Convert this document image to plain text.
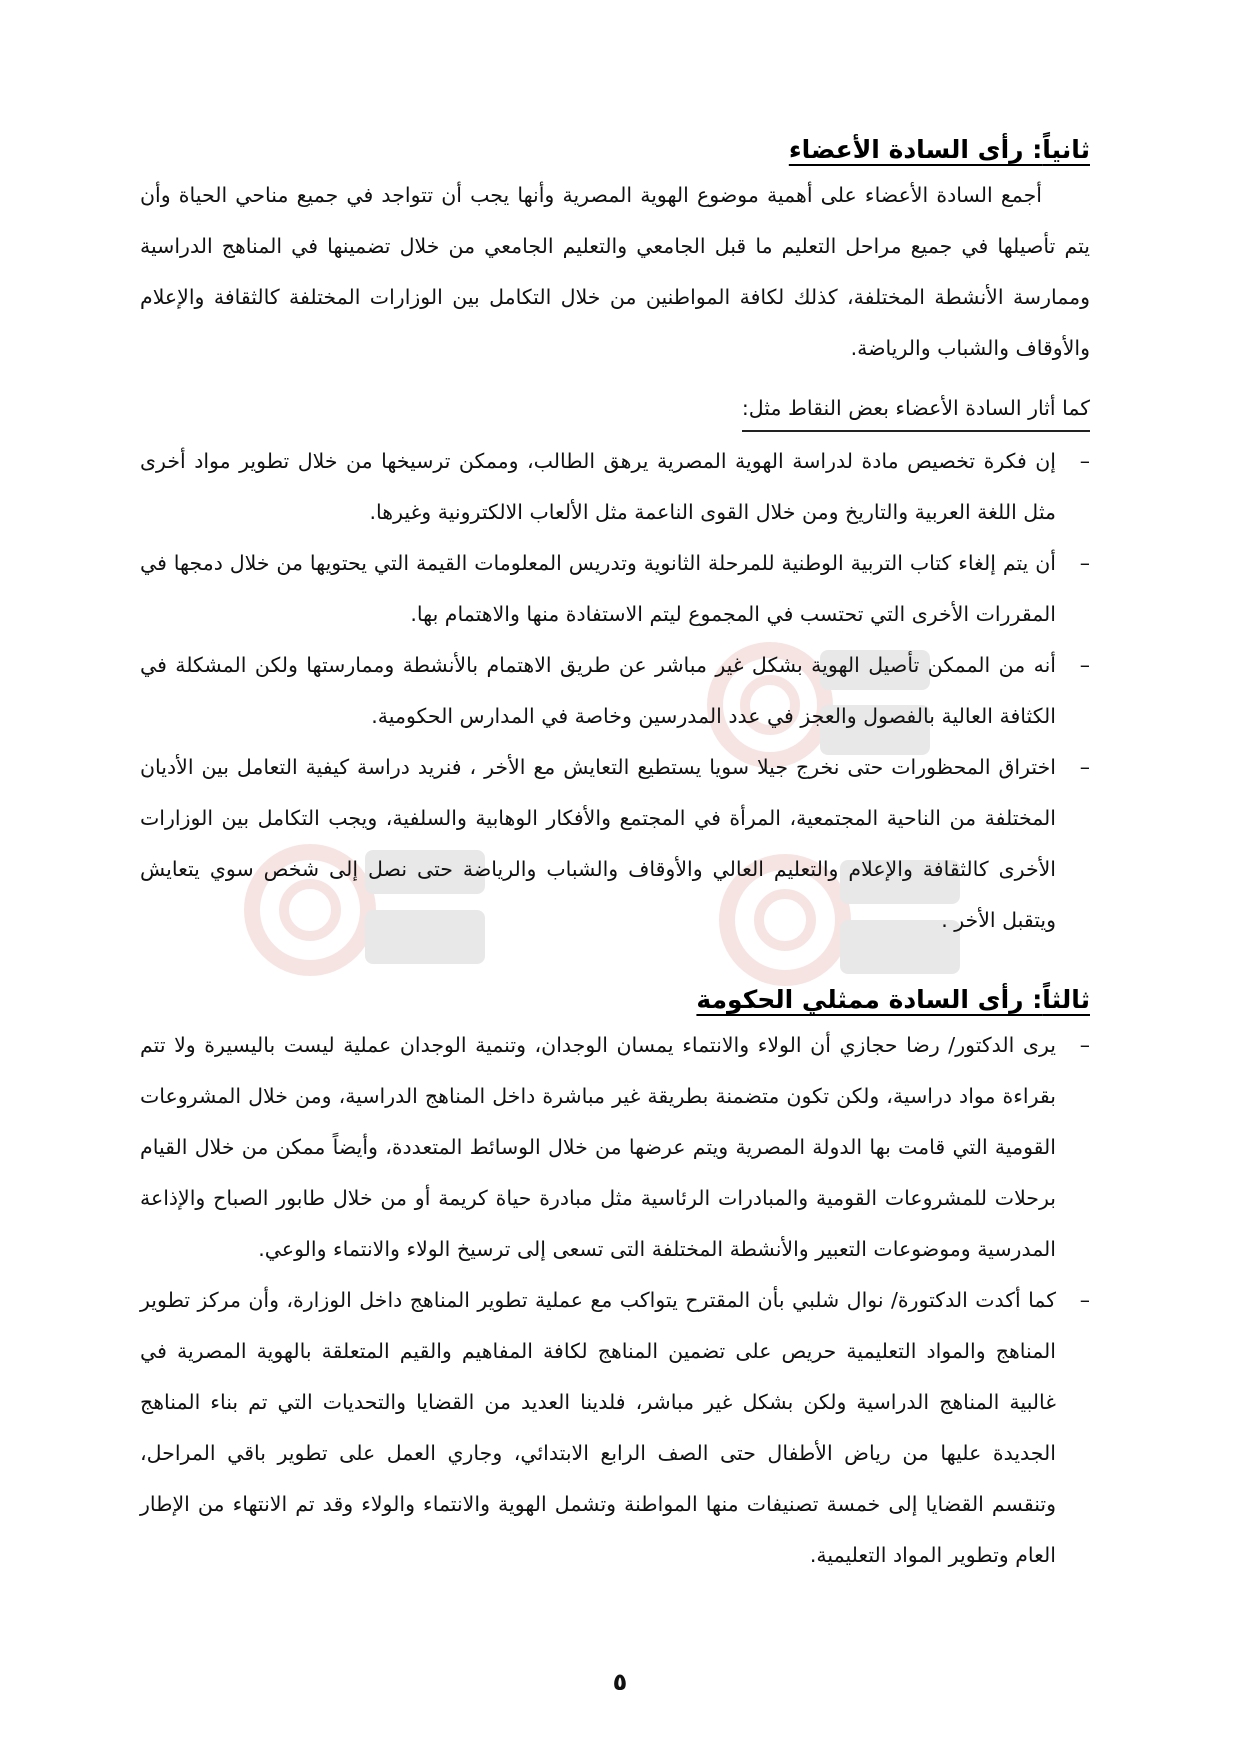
ثانياً: رأى السادة الأعضاء

أجمع السادة الأعضاء على أهمية موضوع الهوية المصرية وأنها يجب أن تتواجد في جميع مناحي الحياة وأن يتم تأصيلها في جميع مراحل التعليم ما قبل الجامعي والتعليم الجامعي من خلال تضمينها في المناهج الدراسية وممارسة الأنشطة المختلفة، كذلك لكافة المواطنين من خلال التكامل بين الوزارات المختلفة كالثقافة والإعلام والأوقاف والشباب والرياضة.

كما أثار السادة الأعضاء بعض النقاط مثل:
–
إن فكرة تخصيص مادة لدراسة الهوية المصرية يرهق الطالب، وممكن ترسيخها من خلال تطوير مواد أخرى مثل اللغة العربية والتاريخ ومن خلال القوى الناعمة مثل الألعاب الالكترونية وغيرها.
–
أن يتم إلغاء كتاب التربية الوطنية للمرحلة الثانوية وتدريس المعلومات القيمة التي يحتويها من خلال دمجها في المقررات الأخرى التي تحتسب في المجموع ليتم الاستفادة منها والاهتمام بها.
–
أنه من الممكن تأصيل الهوية بشكل غير مباشر عن طريق الاهتمام بالأنشطة وممارستها ولكن المشكلة في الكثافة العالية بالفصول والعجز في عدد المدرسين وخاصة في المدارس الحكومية.
–
اختراق المحظورات حتى نخرج جيلا سويا يستطيع التعايش مع الأخر ، فنريد دراسة كيفية التعامل بين الأديان المختلفة من الناحية المجتمعية، المرأة في المجتمع والأفكار الوهابية والسلفية، ويجب التكامل بين الوزارات الأخرى كالثقافة والإعلام والتعليم العالي والأوقاف والشباب والرياضة حتى نصل إلى شخص سوي يتعايش ويتقبل الأخر .
ثالثاً: رأى السادة ممثلي الحكومة
–
يرى الدكتور/ رضا حجازي أن الولاء والانتماء يمسان الوجدان، وتنمية الوجدان عملية ليست باليسيرة ولا تتم بقراءة مواد دراسية، ولكن تكون متضمنة بطريقة غير مباشرة داخل المناهج الدراسية، ومن خلال المشروعات القومية التي قامت بها الدولة المصرية ويتم عرضها من خلال الوسائط المتعددة، وأيضاً ممكن من خلال القيام برحلات للمشروعات القومية والمبادرات الرئاسية مثل مبادرة حياة كريمة أو من خلال طابور الصباح والإذاعة المدرسية وموضوعات التعبير والأنشطة المختلفة التى تسعى إلى ترسيخ الولاء والانتماء والوعي.
–
كما أكدت الدكتورة/ نوال شلبي بأن المقترح يتواكب مع عملية تطوير المناهج داخل الوزارة، وأن مركز تطوير المناهج والمواد التعليمية حريص على تضمين المناهج لكافة المفاهيم والقيم المتعلقة بالهوية المصرية في غالبية المناهج الدراسية ولكن بشكل غير مباشر، فلدينا العديد من القضايا والتحديات التي تم بناء المناهج الجديدة عليها من رياض الأطفال حتى الصف الرابع الابتدائي، وجاري العمل على تطوير باقي المراحل، وتنقسم القضايا إلى خمسة تصنيفات منها المواطنة وتشمل الهوية والانتماء والولاء وقد تم الانتهاء من الإطار العام وتطوير المواد التعليمية.
٥
